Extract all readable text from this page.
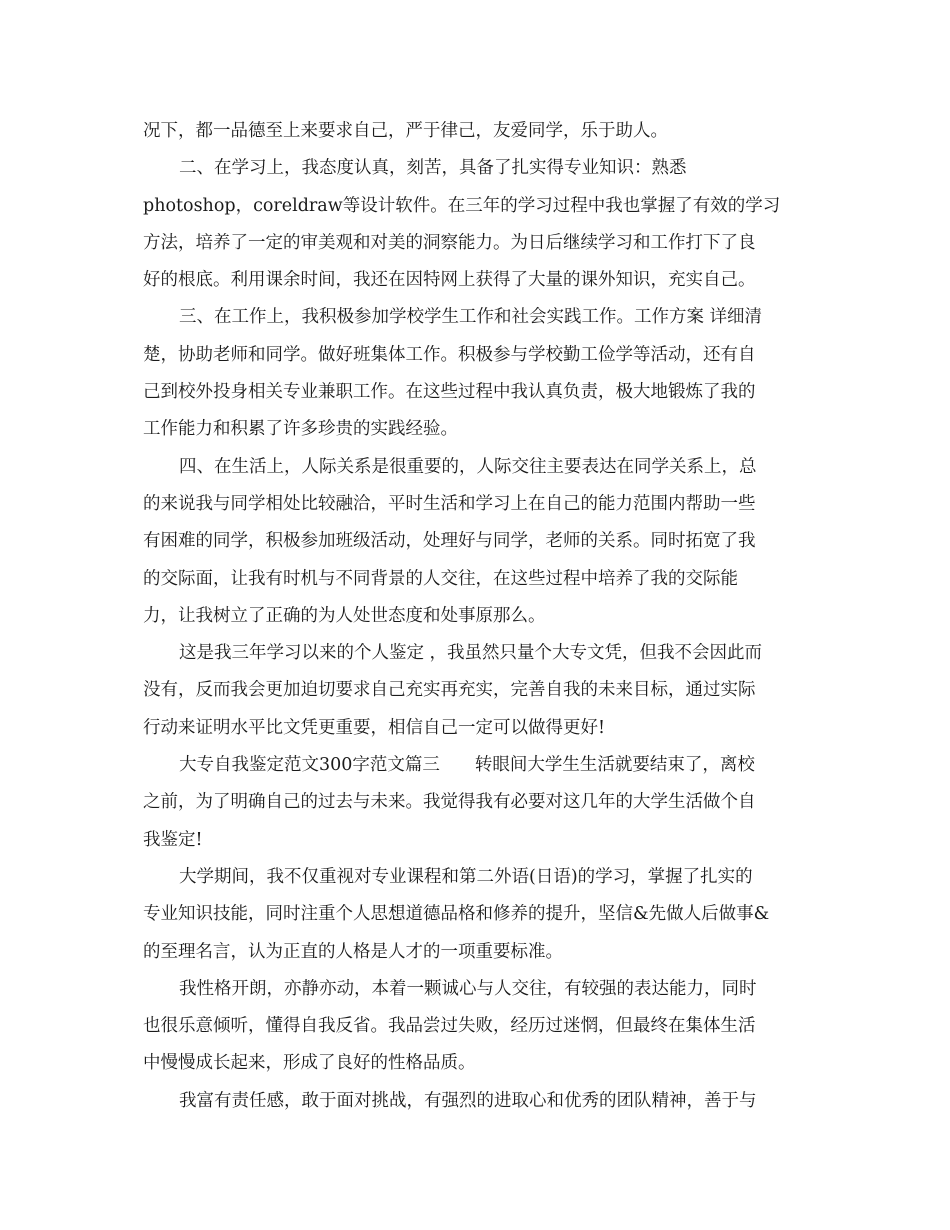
况下，都一品德至上来要求自己，严于律己，友爱同学，乐于助人。
二、在学习上，我态度认真，刻苦，具备了扎实得专业知识：熟悉
photoshop，coreldraw等设计软件。在三年的学习过程中我也掌握了有效的学习
方法，培养了一定的审美观和对美的洞察能力。为日后继续学习和工作打下了良
好的根底。利用课余时间，我还在因特网上获得了大量的课外知识，充实自己。
三、在工作上，我积极参加学校学生工作和社会实践工作。工作方案 详细清
楚，协助老师和同学。做好班集体工作。积极参与学校勤工俭学等活动，还有自
己到校外投身相关专业兼职工作。在这些过程中我认真负责，极大地锻炼了我的
工作能力和积累了许多珍贵的实践经验。
四、在生活上，人际关系是很重要的，人际交往主要表达在同学关系上，总
的来说我与同学相处比较融洽，平时生活和学习上在自己的能力范围内帮助一些
有困难的同学，积极参加班级活动，处理好与同学，老师的关系。同时拓宽了我
的交际面，让我有时机与不同背景的人交往，在这些过程中培养了我的交际能
力，让我树立了正确的为人处世态度和处事原那么。
这是我三年学习以来的个人鉴定 ，我虽然只量个大专文凭，但我不会因此而
没有，反而我会更加迫切要求自己充实再充实，完善自我的未来目标，通过实际
行动来证明水平比文凭更重要，相信自己一定可以做得更好!
大专自我鉴定范文300字范文篇三　　转眼间大学生生活就要结束了，离校
之前，为了明确自己的过去与未来。我觉得我有必要对这几年的大学生活做个自
我鉴定!
大学期间，我不仅重视对专业课程和第二外语(日语)的学习，掌握了扎实的
专业知识技能，同时注重个人思想道德品格和修养的提升，坚信&先做人后做事&
的至理名言，认为正直的人格是人才的一项重要标准。
我性格开朗，亦静亦动，本着一颗诚心与人交往，有较强的表达能力，同时
也很乐意倾听，懂得自我反省。我品尝过失败，经历过迷惘，但最终在集体生活
中慢慢成长起来，形成了良好的性格品质。
我富有责任感，敢于面对挑战，有强烈的进取心和优秀的团队精神，善于与
